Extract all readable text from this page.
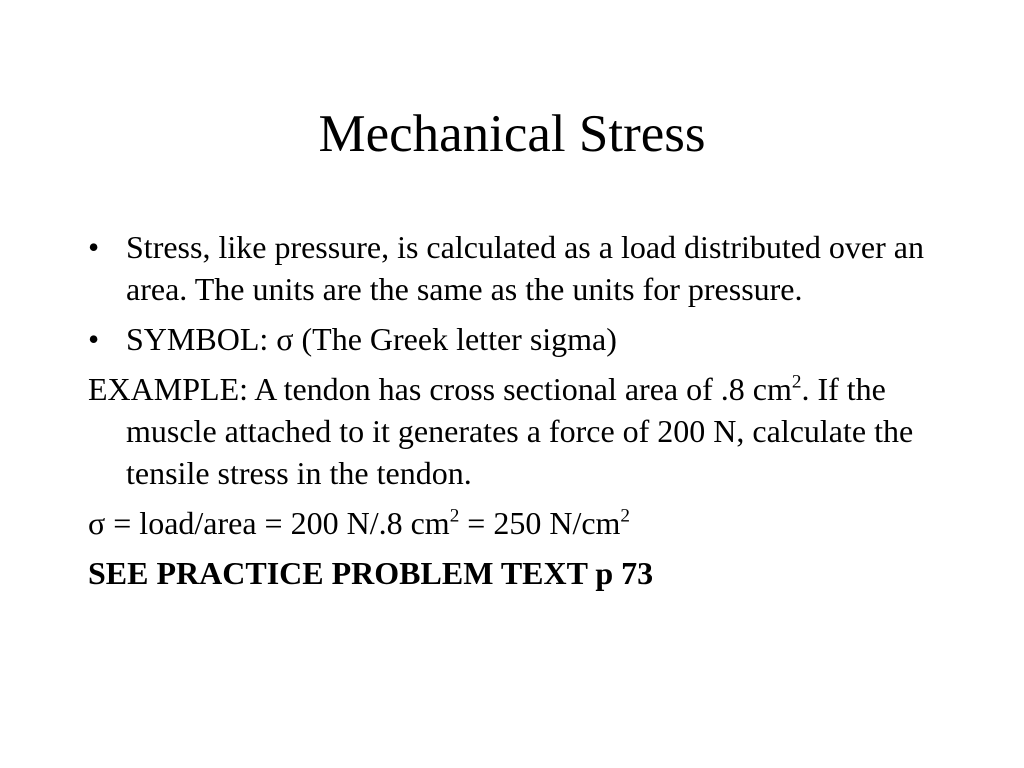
Mechanical Stress
• Stress, like pressure, is calculated as a load distributed over an area. The units are the same as the units for pressure.
• SYMBOL: σ (The Greek letter sigma)
EXAMPLE: A tendon has cross sectional area of .8 $cm^2$. If the muscle attached to it generates a force of 200 N, calculate the tensile stress in the tendon.
σ = load/area = 200 N/.8 $cm^2 = 250$ $N/cm^2$
SEE PRACTICE PROBLEM TEXT p 73
